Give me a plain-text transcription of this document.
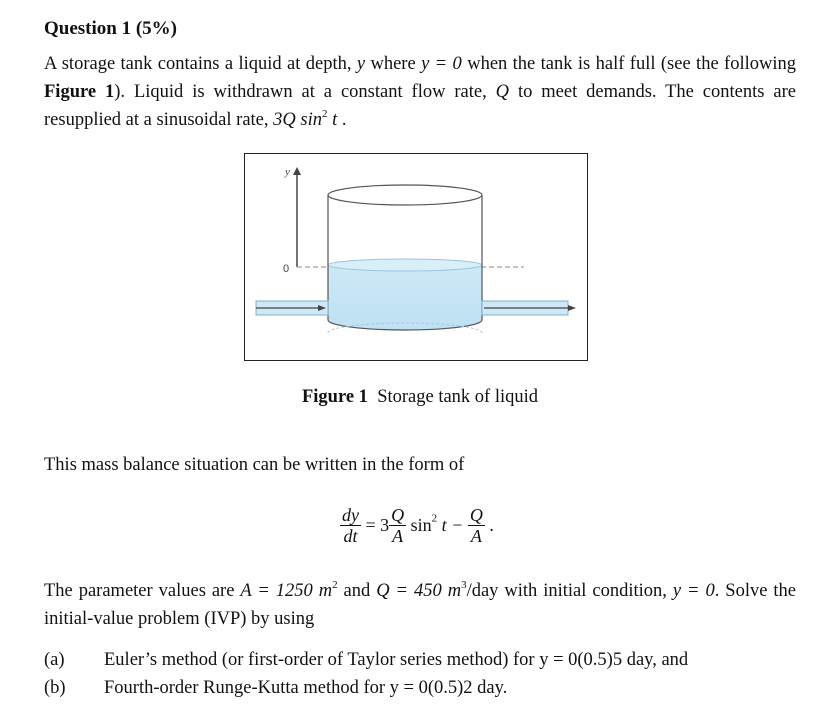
Question 1 (5%)
A storage tank contains a liquid at depth, y where y = 0 when the tank is half full (see the following Figure 1). Liquid is withdrawn at a constant flow rate, Q to meet demands. The contents are resupplied at a sinusoidal rate, 3Q $\sin^2 t$ .
y
0
Figure 1 Storage tank of liquid
This mass balance situation can be written in the form of
$\frac{dy}{dt} = 3 \frac{Q}{A} \sin^2 t - \frac{Q}{A}$ .
The parameter values are A = 1250 $m^2$ and Q = 450 $m^3$/day with initial condition, y = 0. Solve the initial-value problem (IVP) by using
(a) Euler’s method (or first-order of Taylor series method) for y = 0(0.5)5 day, and
(b) Fourth-order Runge-Kutta method for y = 0(0.5)2 day.
